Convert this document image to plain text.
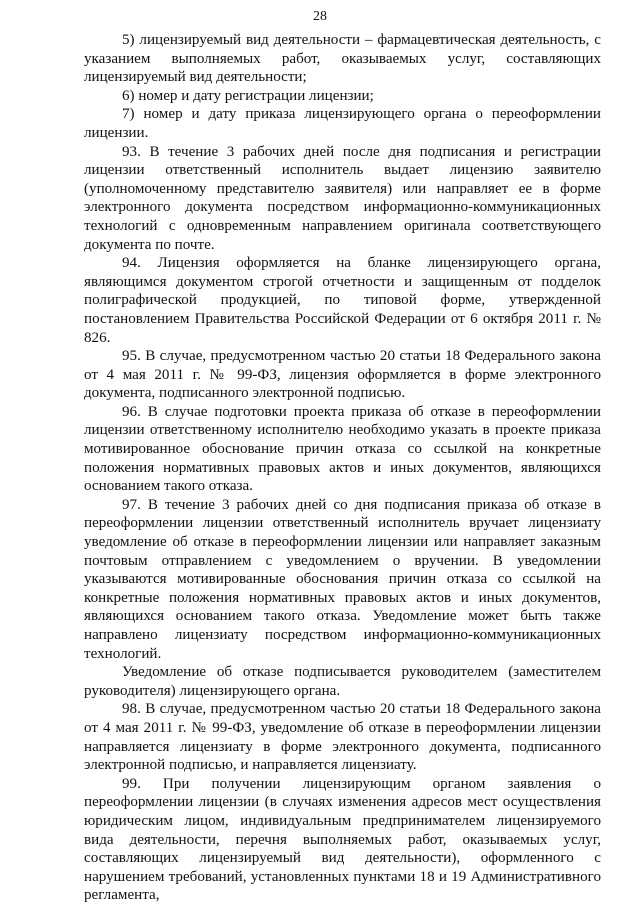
28

5) лицензируемый вид деятельности – фармацевтическая деятельность, с указанием выполняемых работ, оказываемых услуг, составляющих лицензируемый вид деятельности;

6) номер и дату регистрации лицензии;

7) номер и дату приказа лицензирующего органа о переоформлении лицензии.

93. В течение 3 рабочих дней после дня подписания и регистрации лицензии ответственный исполнитель выдает лицензию заявителю (уполномоченному представителю заявителя) или направляет ее в форме электронного документа посредством информационно-коммуникационных технологий с одновременным направлением оригинала соответствующего документа по почте.

94. Лицензия оформляется на бланке лицензирующего органа, являющимся документом строгой отчетности и защищенным от подделок полиграфической продукцией, по типовой форме, утвержденной постановлением Правительства Российской Федерации от 6 октября 2011 г. № 826.

95. В случае, предусмотренном частью 20 статьи 18 Федерального закона от 4 мая 2011 г. № 99-ФЗ, лицензия оформляется в форме электронного документа, подписанного электронной подписью.

96. В случае подготовки проекта приказа об отказе в переоформлении лицензии ответственному исполнителю необходимо указать в проекте приказа мотивированное обоснование причин отказа со ссылкой на конкретные положения нормативных правовых актов и иных документов, являющихся основанием такого отказа.

97. В течение 3 рабочих дней со дня подписания приказа об отказе в переоформлении лицензии ответственный исполнитель вручает лицензиату уведомление об отказе в переоформлении лицензии или направляет заказным почтовым отправлением с уведомлением о вручении. В уведомлении указываются мотивированные обоснования причин отказа со ссылкой на конкретные положения нормативных правовых актов и иных документов, являющихся основанием такого отказа. Уведомление может быть также направлено лицензиату посредством информационно-коммуникационных технологий.

Уведомление об отказе подписывается руководителем (заместителем руководителя) лицензирующего органа.

98. В случае, предусмотренном частью 20 статьи 18 Федерального закона от 4 мая 2011 г. № 99-ФЗ, уведомление об отказе в переоформлении лицензии направляется лицензиату в форме электронного документа, подписанного электронной подписью, и направляется лицензиату.

99. При получении лицензирующим органом заявления о переоформлении лицензии (в случаях изменения адресов мест осуществления юридическим лицом, индивидуальным предпринимателем лицензируемого вида деятельности, перечня выполняемых работ, оказываемых услуг, составляющих лицензируемый вид деятельности), оформленного с нарушением требований, установленных пунктами 18 и 19 Административного регламента,
